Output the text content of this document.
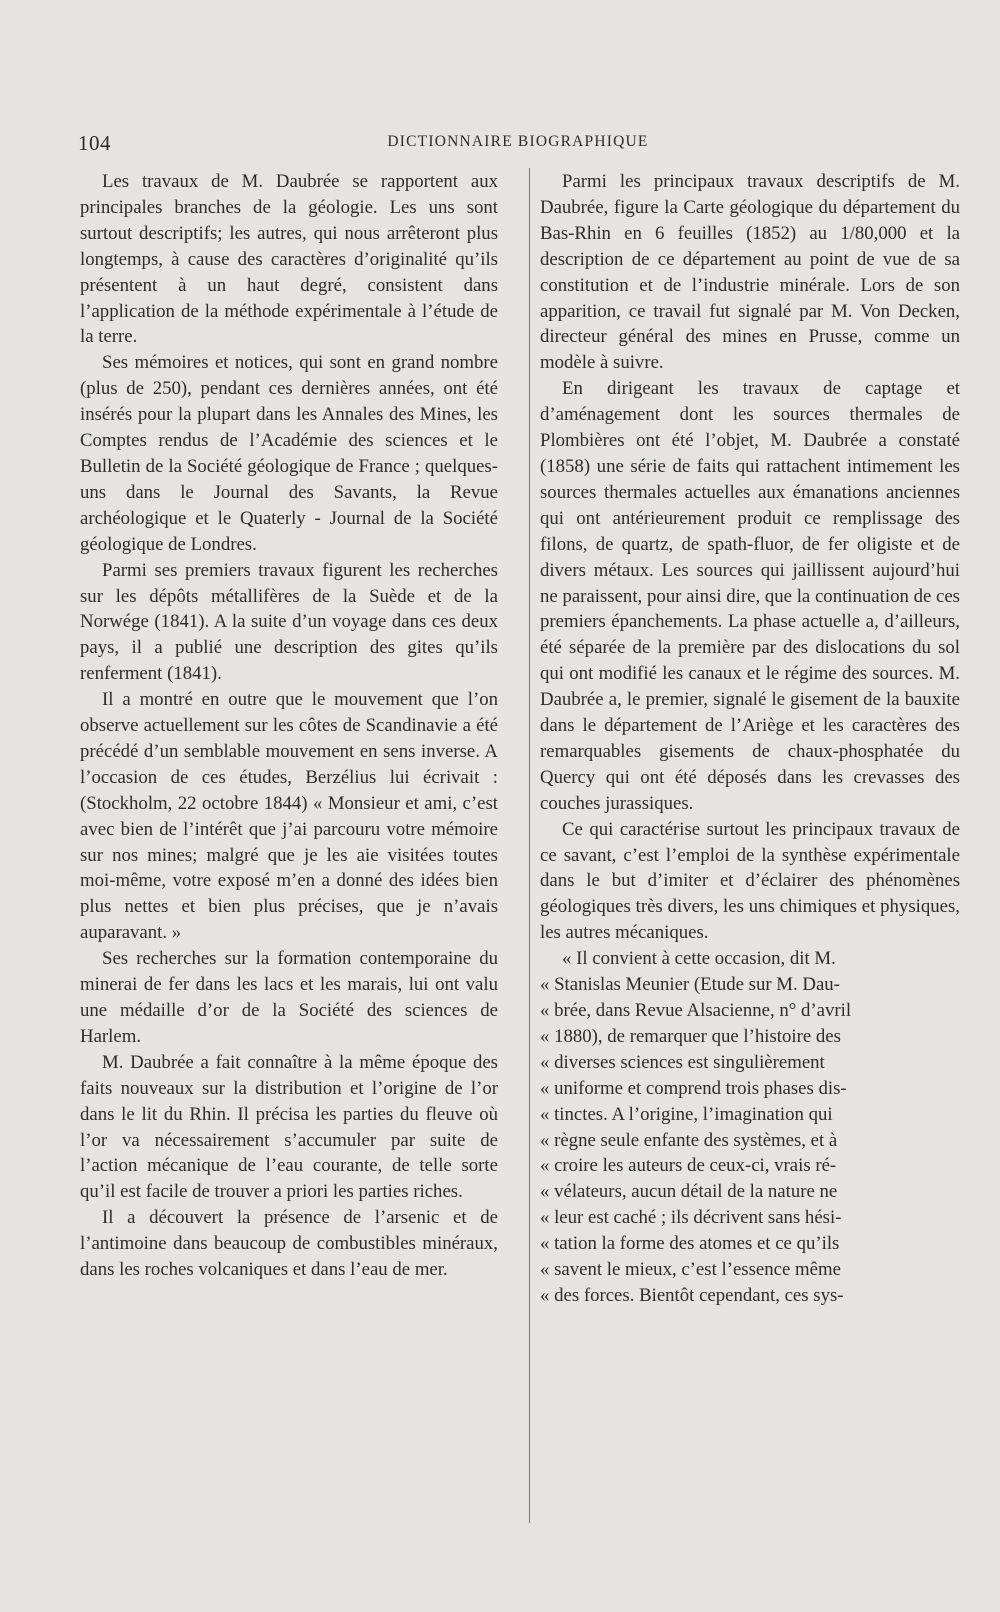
104	DICTIONNAIRE BIOGRAPHIQUE

Les travaux de M. Daubrée se rapportent aux principales branches de la géologie. Les uns sont surtout descriptifs; les autres, qui nous arrêteront plus longtemps, à cause des caractères d’originalité qu’ils présentent à un haut degré, consistent dans l’application de la méthode expérimentale à l’étude de la terre.

Ses mémoires et notices, qui sont en grand nombre (plus de 250), pendant ces dernières années, ont été insérés pour la plupart dans les Annales des Mines, les Comptes rendus de l’Académie des sciences et le Bulletin de la Société géologique de France ; quelques-uns dans le Journal des Savants, la Revue archéologique et le Quaterly - Journal de la Société géologique de Londres.

Parmi ses premiers travaux figurent les recherches sur les dépôts métallifères de la Suède et de la Norwége (1841). A la suite d’un voyage dans ces deux pays, il a publié une description des gites qu’ils renferment (1841).

Il a montré en outre que le mouvement que l’on observe actuellement sur les côtes de Scandinavie a été précédé d’un semblable mouvement en sens inverse. A l’occasion de ces études, Berzélius lui écrivait : (Stockholm, 22 octobre 1844) « Monsieur et ami, c’est avec bien de l’intérêt que j’ai parcouru votre mémoire sur nos mines; malgré que je les aie visitées toutes moi-même, votre exposé m’en a donné des idées bien plus nettes et bien plus précises, que je n’avais auparavant. »

Ses recherches sur la formation contemporaine du minerai de fer dans les lacs et les marais, lui ont valu une médaille d’or de la Société des sciences de Harlem.

M. Daubrée a fait connaître à la même époque des faits nouveaux sur la distribution et l’origine de l’or dans le lit du Rhin. Il précisa les parties du fleuve où l’or va nécessairement s’accumuler par suite de l’action mécanique de l’eau courante, de telle sorte qu’il est facile de trouver a priori les parties riches.

Il a découvert la présence de l’arsenic et de l’antimoine dans beaucoup de combustibles minéraux, dans les roches volcaniques et dans l’eau de mer.

Parmi les principaux travaux descriptifs de M. Daubrée, figure la Carte géologique du département du Bas-Rhin en 6 feuilles (1852) au 1/80,000 et la description de ce département au point de vue de sa constitution et de l’industrie minérale. Lors de son apparition, ce travail fut signalé par M. Von Decken, directeur général des mines en Prusse, comme un modèle à suivre.

En dirigeant les travaux de captage et d’aménagement dont les sources thermales de Plombières ont été l’objet, M. Daubrée a constaté (1858) une série de faits qui rattachent intimement les sources thermales actuelles aux émanations anciennes qui ont antérieurement produit ce remplissage des filons, de quartz, de spath-fluor, de fer oligiste et de divers métaux. Les sources qui jaillissent aujourd’hui ne paraissent, pour ainsi dire, que la continuation de ces premiers épanchements. La phase actuelle a, d’ailleurs, été séparée de la première par des dislocations du sol qui ont modifié les canaux et le régime des sources. M. Daubrée a, le premier, signalé le gisement de la bauxite dans le département de l’Ariège et les caractères des remarquables gisements de chaux-phosphatée du Quercy qui ont été déposés dans les crevasses des couches jurassiques.

Ce qui caractérise surtout les principaux travaux de ce savant, c’est l’emploi de la synthèse expérimentale dans le but d’imiter et d’éclairer des phénomènes géologiques très divers, les uns chimiques et physiques, les autres mécaniques.

« Il convient à cette occasion, dit M.

« Stanislas Meunier (Etude sur M. Dau-

« brée, dans Revue Alsacienne, n° d’avril

« 1880), de remarquer que l’histoire des

« diverses sciences est singulièrement

« uniforme et comprend trois phases dis-

« tinctes. A l’origine, l’imagination qui

« règne seule enfante des systèmes, et à

« croire les auteurs de ceux-ci, vrais ré-

« vélateurs, aucun détail de la nature ne

« leur est caché ; ils décrivent sans hési-

« tation la forme des atomes et ce qu’ils

« savent le mieux, c’est l’essence même

« des forces. Bientôt cependant, ces sys-
